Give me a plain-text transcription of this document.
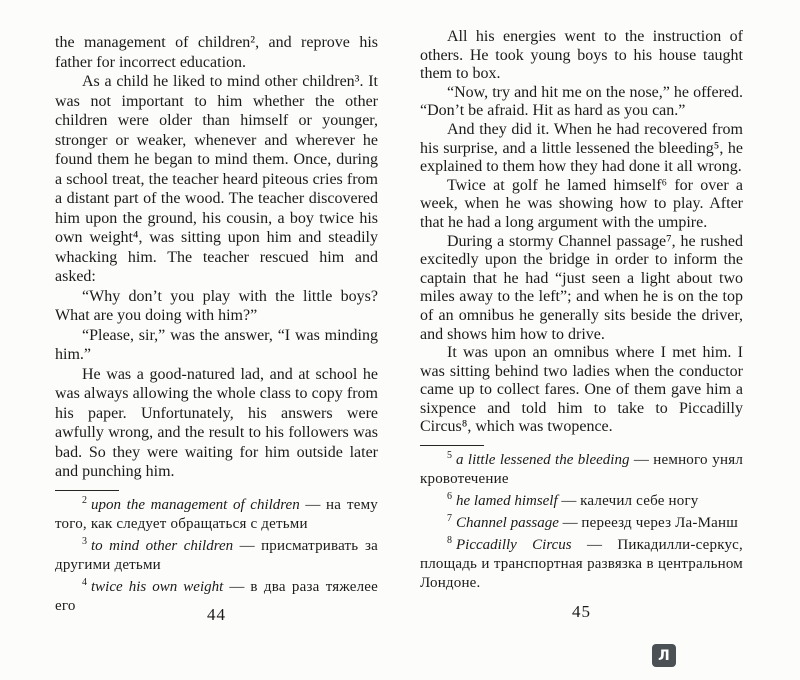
the management of children², and reprove his father for incorrect education.

As a child he liked to mind other children³. It was not important to him whether the other children were older than himself or younger, stronger or weaker, whenever and wherever he found them he began to mind them. Once, during a school treat, the teacher heard piteous cries from a distant part of the wood. The teacher discovered him upon the ground, his cousin, a boy twice his own weight⁴, was sitting upon him and steadily whacking him. The teacher rescued him and asked:

“Why don’t you play with the little boys? What are you doing with him?”

“Please, sir,” was the answer, “I was minding him.”

He was a good-natured lad, and at school he was always allowing the whole class to copy from his paper. Unfortunately, his answers were awfully wrong, and the result to his followers was bad. So they were waiting for him outside later and punching him.

$^2$ upon the management of children — на тему того, как следует обращаться с детьми

$^3$ to mind other children — присматривать за другими детьми

$^4$ twice his own weight — в два раза тяжелее его

All his energies went to the instruction of others. He took young boys to his house taught them to box.

“Now, try and hit me on the nose,” he offered. “Don’t be afraid. Hit as hard as you can.”

And they did it. When he had recovered from his surprise, and a little lessened the bleeding⁵, he explained to them how they had done it all wrong.

Twice at golf he lamed himself⁶ for over a week, when he was showing how to play. After that he had a long argument with the umpire.

During a stormy Channel passage⁷, he rushed excitedly upon the bridge in order to inform the captain that he had “just seen a light about two miles away to the left”; and when he is on the top of an omnibus he generally sits beside the driver, and shows him how to drive.

It was upon an omnibus where I met him. I was sitting behind two ladies when the conductor came up to collect fares. One of them gave him a sixpence and told him to take to Piccadilly Circus⁸, which was twopence.

$^5$ a little lessened the bleeding — немного унял кровотечение

$^6$ he lamed himself — калечил себе ногу

$^7$ Channel passage — переезд через Ла-Манш

$^8$ Piccadilly Circus — Пикадилли-серкус, площадь и транспортная развязка в центральном Лондоне.

44	45
Л
